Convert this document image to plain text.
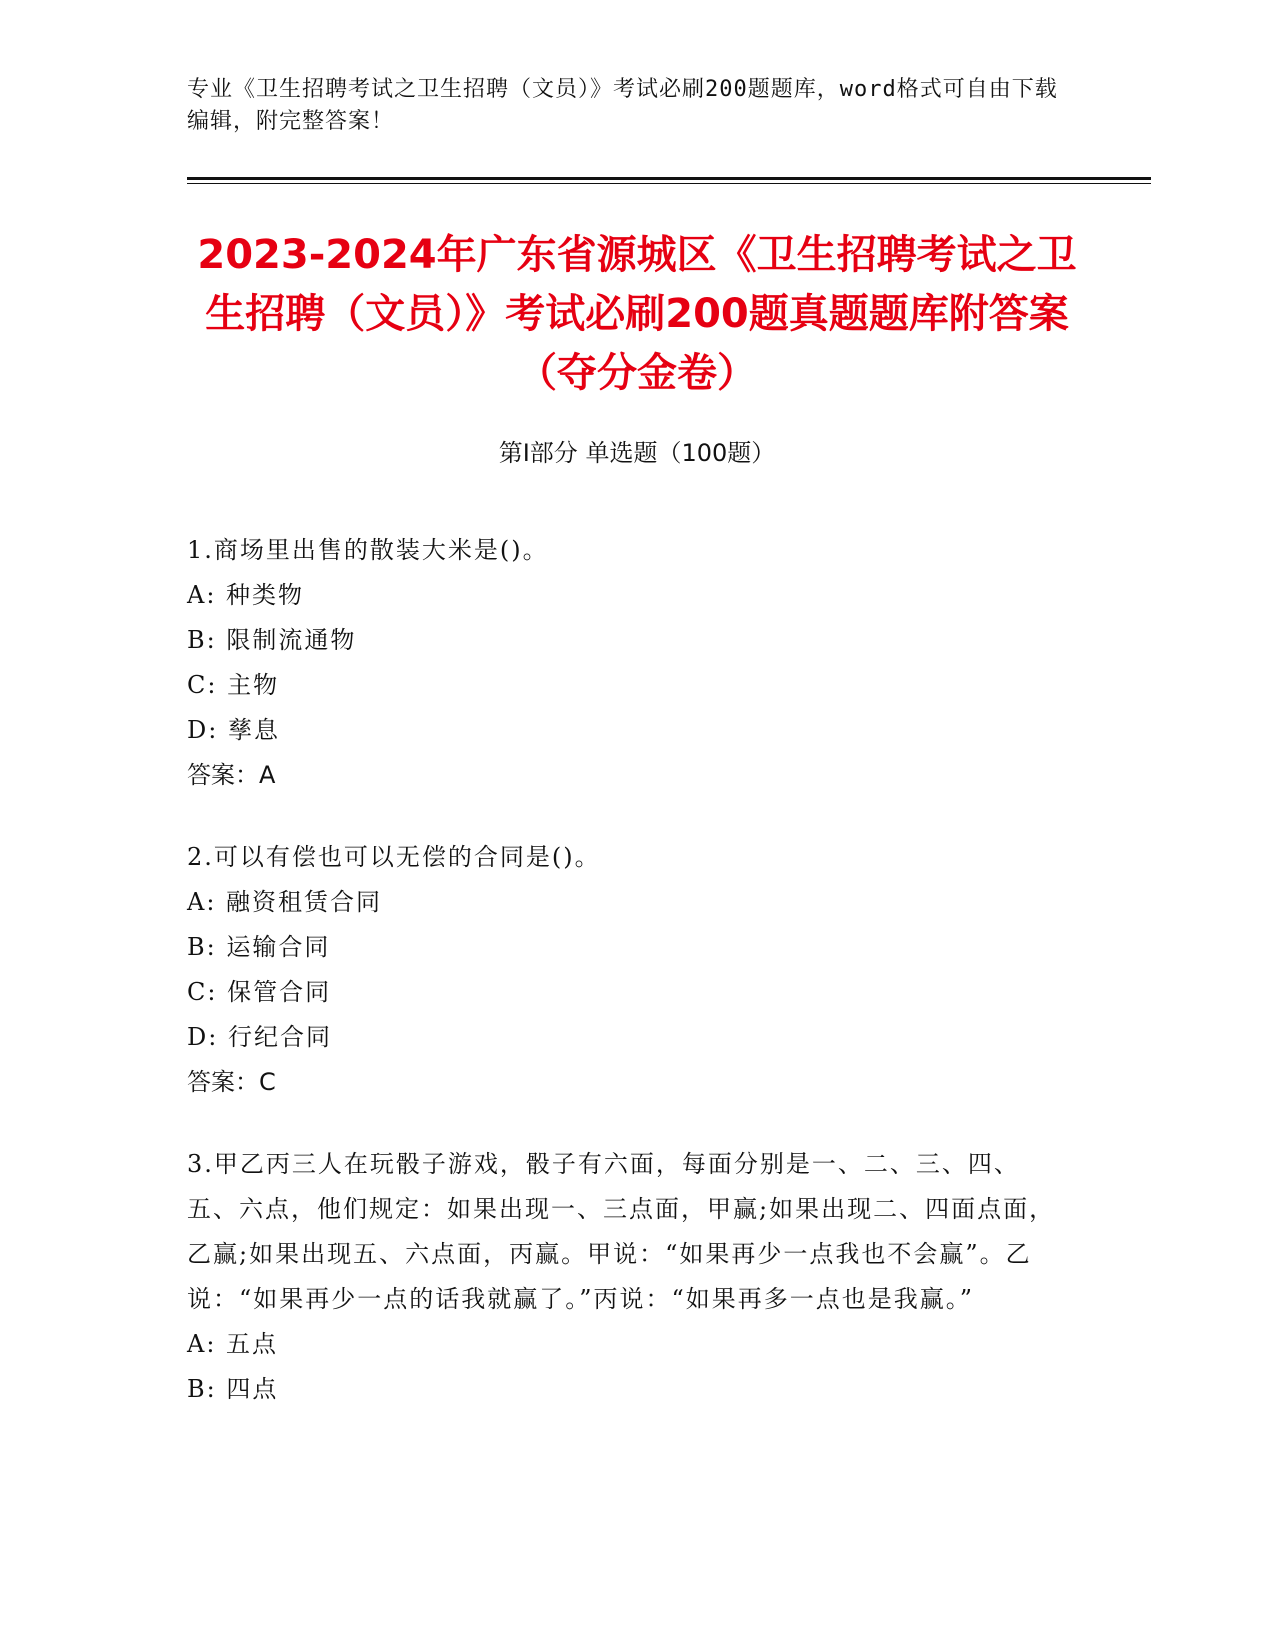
专业《卫生招聘考试之卫生招聘（文员）》考试必刷200题题库，word格式可自由下载编辑，附完整答案！
2023-2024年广东省源城区《卫生招聘考试之卫生招聘（文员）》考试必刷200题真题题库附答案（夺分金卷）
第Ⅰ部分 单选题（100题）
1.商场里出售的散装大米是()。
A: 种类物
B: 限制流通物
C: 主物
D: 孳息
答案：A
2.可以有偿也可以无偿的合同是()。
A: 融资租赁合同
B: 运输合同
C: 保管合同
D: 行纪合同
答案：C
3.甲乙丙三人在玩骰子游戏，骰子有六面，每面分别是一、二、三、四、五、六点，他们规定：如果出现一、三点面，甲赢;如果出现二、四面点面，乙赢;如果出现五、六点面，丙赢。甲说：“如果再少一点我也不会赢”。乙说：“如果再少一点的话我就赢了。”丙说：“如果再多一点也是我赢。”
A: 五点
B: 四点
